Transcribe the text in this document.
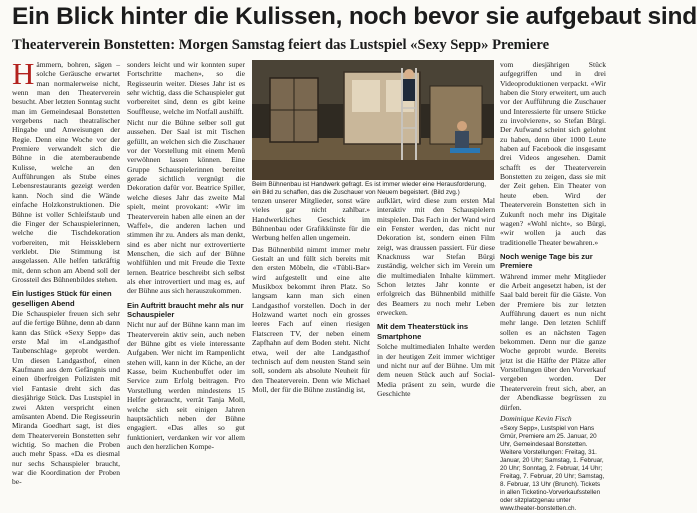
Ein Blick hinter die Kulissen, noch bevor sie aufgebaut sind
Theaterverein Bonstetten: Morgen Samstag feiert das Lustspiel «Sexy Sepp» Premiere

Hämmern, bohren, sägen – solche Geräusche erwartet man normalerweise nicht, wenn man den Theaterverein besucht. Aber letzten Sonntag sucht man im Gemeindesaal Bonstetten vergebens nach theatralischer Hingabe und Anweisungen der Regie. Denn eine Woche vor der Premiere verwandelt sich die Bühne in die atemberaubende Kulisse, welche an den Aufführungen als Stube eines Lebensrestaurants gezeigt werden kann. Noch sind die Wände einfache Holzkonstruktionen. Die Bühne ist voller Schleifstaub und die Finger der Schauspielerinnen, welche die Tischdekoration vorbereiten, mit Heissklebern verklebt. Die Stimmung ist ausgelassen. Alle helfen tatkräftig mit, denn schon am Abend soll der Grossteil des Bühnenbildes stehen.

Ein lustiges Stück für einen geselligen Abend

Die Schauspieler freuen sich sehr auf die fertige Bühne, denn ab dann kann das Stück «Sexy Sepp» das erste Mal im «Landgasthof Taubenschlag» geprobt werden. Um diesen Landgasthof, einen Kaufmann aus dem Gefängnis und einen überfreigen Polizisten mit viel Fantasie dreht sich das diesjährige Stück. Das Lustspiel in zwei Akten verspricht einen amüsanten Abend. Die Regisseurin Miranda Goedhart sagt, ist dies dem Theaterverein Bonstetten sehr wichtig. So machen die Proben auch mehr Spass. «Da es diesmal nur sechs Schauspieler braucht, war die Koordination der Proben be-

sonders leicht und wir konnten super Fortschritte machen», so die Regisseurin weiter. Dieses Jahr ist es sehr wichtig, dass die Schauspieler gut vorbereitet sind, denn es gibt keine Souffleuse, welche im Notfall aushilft.

Nicht nur die Bühne selber soll gut aussehen. Der Saal ist mit Tischen gefüllt, an welchen sich die Zuschauer vor der Vorstellung mit einem Menü verwöhnen lassen können. Eine Gruppe Schauspielerinnen bereitet gerade sichtlich vergnügt die Dekoration dafür vor. Beatrice Spiller, welche dieses Jahr das zweite Mal spielt, meint provokant: «Wir im Theaterverein haben alle einen an der Waffel», die anderen lachen und stimmen ihr zu. Anders als man denkt, sind es aber nicht nur extrovertierte Menschen, die sich auf der Bühne wohlfühlen und mit Freude die Texte lernen. Beatrice beschreibt sich selbst als eher introvertiert und mag es, auf der Bühne aus sich herauszukommen.

Ein Auftritt braucht mehr als nur Schauspieler

Nicht nur auf der Bühne kann man im Theaterverein aktiv sein, auch neben der Bühne gibt es viele interessante Aufgaben. Wer nicht im Rampenlicht stehen will, kann in der Küche, an der Kasse, beim Kuchenbuffet oder im Service zum Erfolg beitragen. Pro Vorstellung werden mindestens 15 Helfer gebraucht, verrät Tanja Moll, welche sich seit einigen Jahren hauptsächlich neben der Bühne engagiert. «Das alles so gut funktioniert, verdanken wir vor allem auch den herzlichen Kompe-

Beim Bühnenbau ist Handwerk gefragt. Es ist immer wieder eine Herausforderung, ein Bild zu schaffen, das die Zuschauer von Neuem begeistert. (Bild zvg.)

tenzen unserer Mitglieder, sonst wäre vieles gar nicht zahlbar.» Handwerkliches Geschick im Bühnenbau oder Grafikkünste für die Werbung helfen allen ungemein.

Das Bühnenbild nimmt immer mehr Gestalt an und füllt sich bereits mit den ersten Möbeln, die «Tübli-Bar» wird aufgestellt und eine alte Musikbox bekommt ihren Platz. So langsam kann man sich einen Landgasthof vorstellen. Doch in der Holzwand wartet noch ein grosses leeres Fach auf einen riesigen Flatscreen TV, der neben einem Zapfhahn auf dem Boden steht. Nicht etwa, weil der alte Landgasthof technisch auf dem neusten Stand sein soll, sondern als absolute Neuheit für den Theaterverein. Denn wie Michael Moll, der für die Bühne zuständig ist,

aufklärt, wird diese zum ersten Mal interaktiv mit den Schauspielern mitspielen. Das Fach in der Wand wird ein Fenster werden, das nicht nur Dekoration ist, sondern einen Film zeigt, was draussen passiert. Für diese Knacknuss war Stefan Bürgi zuständig, welcher sich im Verein um die multimedialen Inhalte kümmert. Schon letztes Jahr konnte er erfolgreich das Bühnenbild mithilfe des Beamers zu noch mehr Leben erwecken.

Mit dem Theaterstück ins Smartphone

Solche multimedialen Inhalte werden in der heutigen Zeit immer wichtiger und nicht nur auf der Bühne. Um mit dem neuen Stück auch auf Social-Media präsent zu sein, wurde die Geschichte

vom diesjährigen Stück aufgegriffen und in drei Videoproduktionen verpackt. «Wir haben die Story erweitert, um auch vor der Aufführung die Zuschauer und Interessierte für unsere Stücke zu involvieren», so Stefan Bürgi. Der Aufwand scheint sich gelohnt zu haben, denn über 1000 Leute haben auf Facebook die insgesamt drei Videos angesehen. Damit schafft es der Theaterverein Bonstetten zu zeigen, dass sie mit der Zeit gehen. Ein Theater von heute eben. Wird der Theaterverein Bonstetten sich in Zukunft noch mehr ins Digitale wagen? «Wohl nicht», so Bürgi, «wir wollen ja auch das traditionelle Theater bewahren.»

Noch wenige Tage bis zur Premiere

Während immer mehr Mitglieder die Arbeit angesetzt haben, ist der Saal bald bereit für die Gäste. Von der Premiere bis zur letzten Aufführung dauert es nun nicht mehr lange. Den letzten Schliff sollen es an nächsten Tagen bekommen. Denn nur die ganze Woche geprobt wurde. Bereits jetzt ist die Hälfte der Plätze aller Vorstellungen über den Vorverkauf vergeben worden. Der Theaterverein freut sich, aber, an der Abendkasse begrüssen zu dürfen.

Dominique Kevin Fisch

«Sexy Sepp», Lustspiel von Hans Gmür, Premiere am 25. Januar, 20 Uhr, Gemeindesaal Bonstetten. Weitere Vorstellungen: Freitag, 31. Januar, 20 Uhr; Samstag, 1. Februar, 20 Uhr; Sonntag, 2. Februar, 14 Uhr; Freitag, 7. Februar, 20 Uhr; Samstag, 8. Februar, 13 Uhr (Brunch). Tickets in allen Ticketino-Vorverkaufsstellen oder sitzplatzgenau unter www.theater-bonstetten.ch.
